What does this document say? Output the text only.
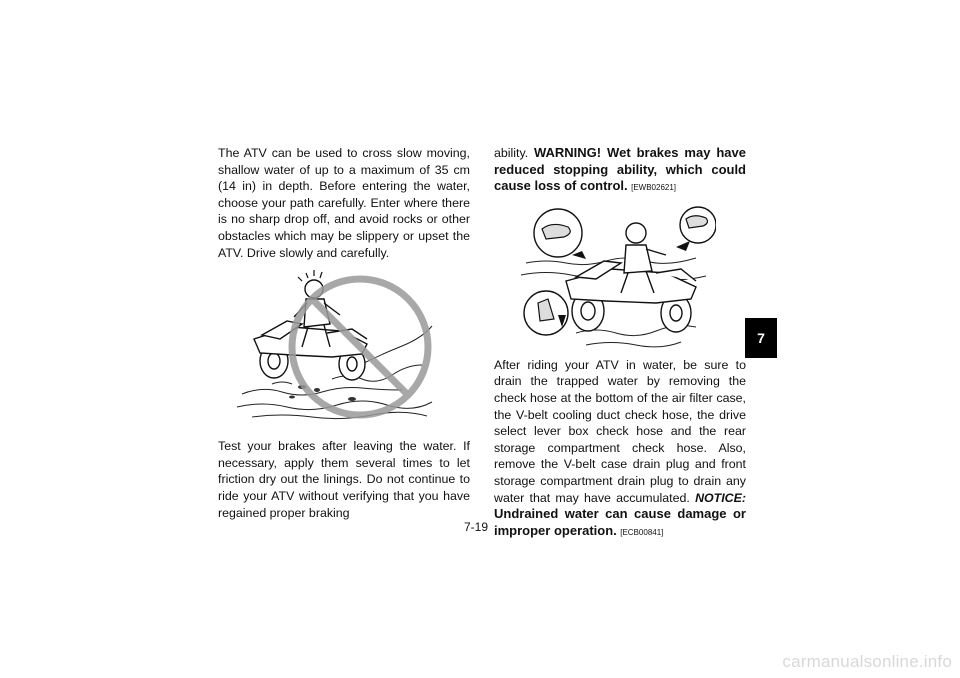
The ATV can be used to cross slow moving, shallow water of up to a maximum of 35 cm (14 in) in depth. Before entering the water, choose your path carefully. Enter where there is no sharp drop off, and avoid rocks or other obstacles which may be slippery or upset the ATV. Drive slowly and carefully.

Test your brakes after leaving the water. If necessary, apply them several times to let friction dry out the linings. Do not continue to ride your ATV without verifying that you have regained proper braking

ability. WARNING! Wet brakes may have reduced stopping ability, which could cause loss of control. [EWB02621]

After riding your ATV in water, be sure to drain the trapped water by removing the check hose at the bottom of the air filter case, the V-belt cooling duct check hose, the drive select lever box check hose and the rear storage compartment check hose. Also, remove the V-belt case drain plug and front storage compartment drain plug to drain any water that may have accumulated. NOTICE: Undrained water can cause damage or improper operation. [ECB00841]

7
7-19
carmanualsonline.info
